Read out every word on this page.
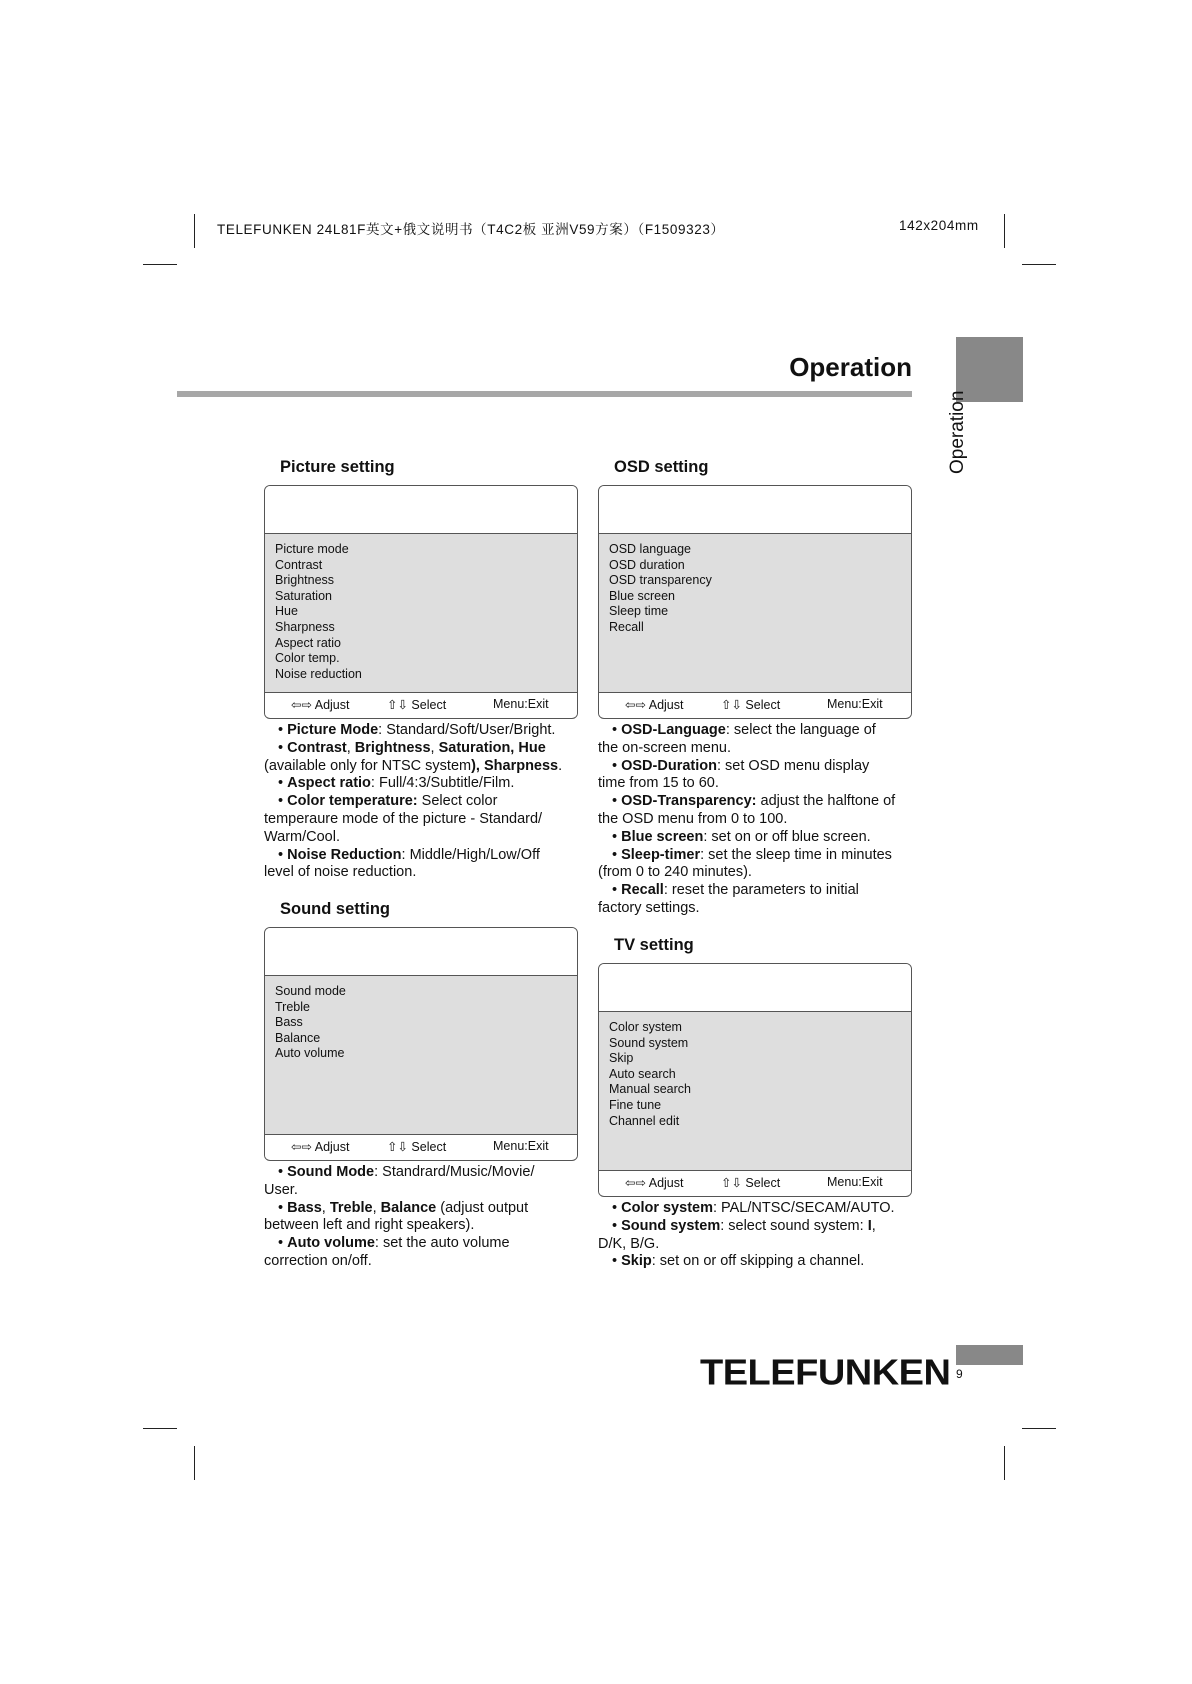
TELEFUNKEN 24L81F英文+俄文说明书（T4C2板 亚洲V59方案）（F1509323）	142x204mm
Operation
Operation
Picture setting
Picture mode
Contrast
Brightness
Saturation
Hue
Sharpness
Aspect ratio
Color temp.
Noise reduction
⇦⇨ Adjust	⇧⇩ Select	Menu:Exit

• Picture Mode: Standard/Soft/User/Bright.

• Contrast, Brightness, Saturation, Hue

(available only for NTSC system), Sharpness.

• Aspect ratio: Full/4:3/Subtitle/Film.

• Color temperature: Select color

temperaure mode of the picture - Standard/ Warm/Cool.

• Noise Reduction: Middle/High/Low/Off

level of noise reduction.
OSD setting
OSD language
OSD duration
OSD transparency
Blue screen
Sleep time
Recall
⇦⇨ Adjust	⇧⇩ Select	Menu:Exit

• OSD-Language: select the language of

the on-screen menu.

• OSD-Duration: set OSD menu display

time from 15 to 60.

• OSD-Transparency: adjust the halftone of

the OSD menu from 0 to 100.

• Blue screen: set on or off blue screen.

• Sleep-timer: set the sleep time in minutes

(from 0 to 240 minutes).

• Recall: reset the parameters to initial

factory settings.
Sound setting
Sound mode
Treble
Bass
Balance
Auto volume
⇦⇨ Adjust	⇧⇩ Select	Menu:Exit

• Sound Mode: Standrard/Music/Movie/

User.

• Bass, Treble, Balance (adjust output

between left and right speakers).

• Auto volume: set the auto volume

correction on/off.
TV setting
Color system
Sound system
Skip
Auto search
Manual search
Fine tune
Channel edit
⇦⇨ Adjust	⇧⇩ Select	Menu:Exit

• Color system: PAL/NTSC/SECAM/AUTO.

• Sound system: select sound system: I,

D/K, B/G.

• Skip: set on or off skipping a channel.

TELEFUNKEN 9
